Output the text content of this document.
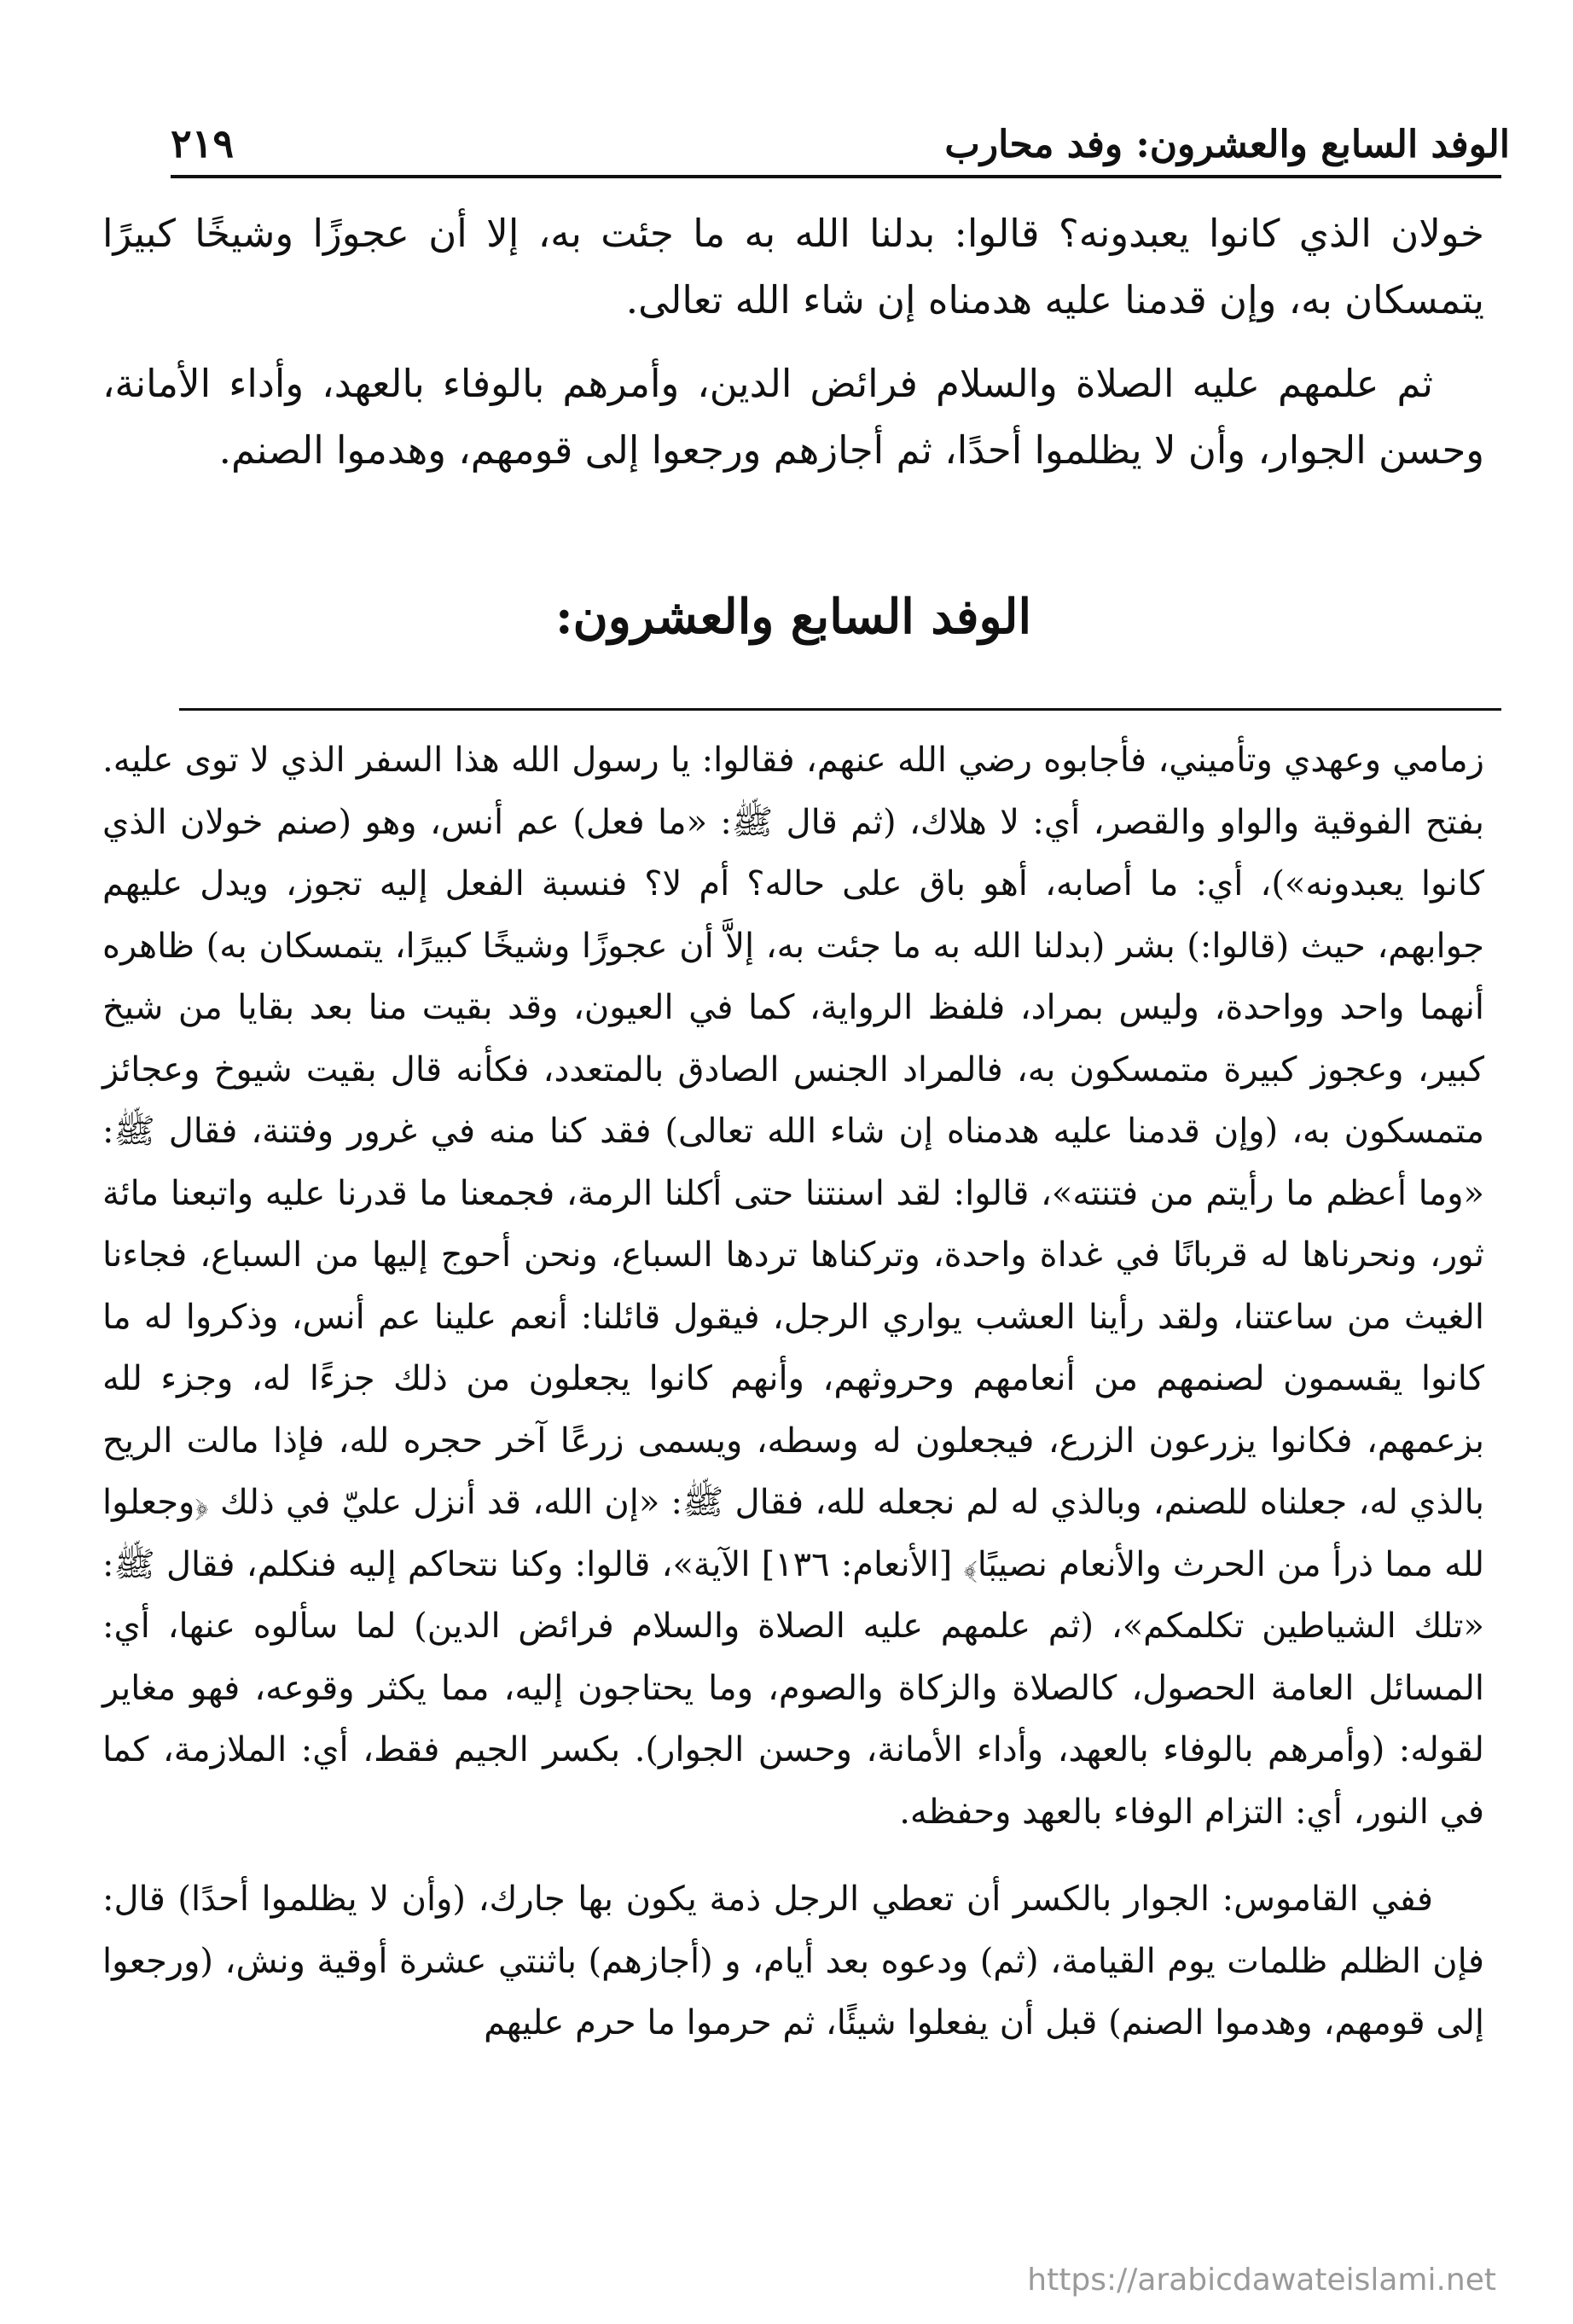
الوفد السابع والعشرون: وفد محارب
٢١٩

خولان الذي كانوا يعبدونه؟ قالوا: بدلنا الله به ما جئت به، إلا أن عجوزًا وشيخًا كبيرًا يتمسكان به، وإن قدمنا عليه هدمناه إن شاء الله تعالى.

ثم علمهم عليه الصلاة والسلام فرائض الدين، وأمرهم بالوفاء بالعهد، وأداء الأمانة، وحسن الجوار، وأن لا يظلموا أحدًا، ثم أجازهم ورجعوا إلى قومهم، وهدموا الصنم.

الوفد السابع والعشرون:

زمامي وعهدي وتأميني، فأجابوه رضي الله عنهم، فقالوا: يا رسول الله هذا السفر الذي لا توى عليه. بفتح الفوقية والواو والقصر، أي: لا هلاك، (ثم قال ﷺ: «ما فعل) عم أنس، وهو (صنم خولان الذي كانوا يعبدونه»)، أي: ما أصابه، أهو باق على حاله؟ أم لا؟ فنسبة الفعل إليه تجوز، ويدل عليهم جوابهم، حيث (قالوا:) بشر (بدلنا الله به ما جئت به، إلاَّ أن عجوزًا وشيخًا كبيرًا، يتمسكان به) ظاهره أنهما واحد وواحدة، وليس بمراد، فلفظ الرواية، كما في العيون، وقد بقيت منا بعد بقايا من شيخ كبير، وعجوز كبيرة متمسكون به، فالمراد الجنس الصادق بالمتعدد، فكأنه قال بقيت شيوخ وعجائز متمسكون به، (وإن قدمنا عليه هدمناه إن شاء الله تعالى) فقد كنا منه في غرور وفتنة، فقال ﷺ: «وما أعظم ما رأيتم من فتنته»، قالوا: لقد اسنتنا حتى أكلنا الرمة، فجمعنا ما قدرنا عليه واتبعنا مائة ثور، ونحرناها له قربانًا في غداة واحدة، وتركناها تردها السباع، ونحن أحوج إليها من السباع، فجاءنا الغيث من ساعتنا، ولقد رأينا العشب يواري الرجل، فيقول قائلنا: أنعم علينا عم أنس، وذكروا له ما كانوا يقسمون لصنمهم من أنعامهم وحروثهم، وأنهم كانوا يجعلون من ذلك جزءًا له، وجزء لله بزعمهم، فكانوا يزرعون الزرع، فيجعلون له وسطه، ويسمى زرعًا آخر حجره لله، فإذا مالت الريح بالذي له، جعلناه للصنم، وبالذي له لم نجعله لله، فقال ﷺ: «إن الله، قد أنزل عليّ في ذلك ﴿وجعلوا لله مما ذرأ من الحرث والأنعام نصيبًا﴾ [الأنعام: ١٣٦] الآية»، قالوا: وكنا نتحاكم إليه فنكلم، فقال ﷺ: «تلك الشياطين تكلمكم»، (ثم علمهم عليه الصلاة والسلام فرائض الدين) لما سألوه عنها، أي: المسائل العامة الحصول، كالصلاة والزكاة والصوم، وما يحتاجون إليه، مما يكثر وقوعه، فهو مغاير لقوله: (وأمرهم بالوفاء بالعهد، وأداء الأمانة، وحسن الجوار). بكسر الجيم فقط، أي: الملازمة، كما في النور، أي: التزام الوفاء بالعهد وحفظه.

ففي القاموس: الجوار بالكسر أن تعطي الرجل ذمة يكون بها جارك، (وأن لا يظلموا أحدًا) قال: فإن الظلم ظلمات يوم القيامة، (ثم) ودعوه بعد أيام، و (أجازهم) باثنتي عشرة أوقية ونش، (ورجعوا إلى قومهم، وهدموا الصنم) قبل أن يفعلوا شيئًا، ثم حرموا ما حرم عليهم

https://arabicdawateislami.net
